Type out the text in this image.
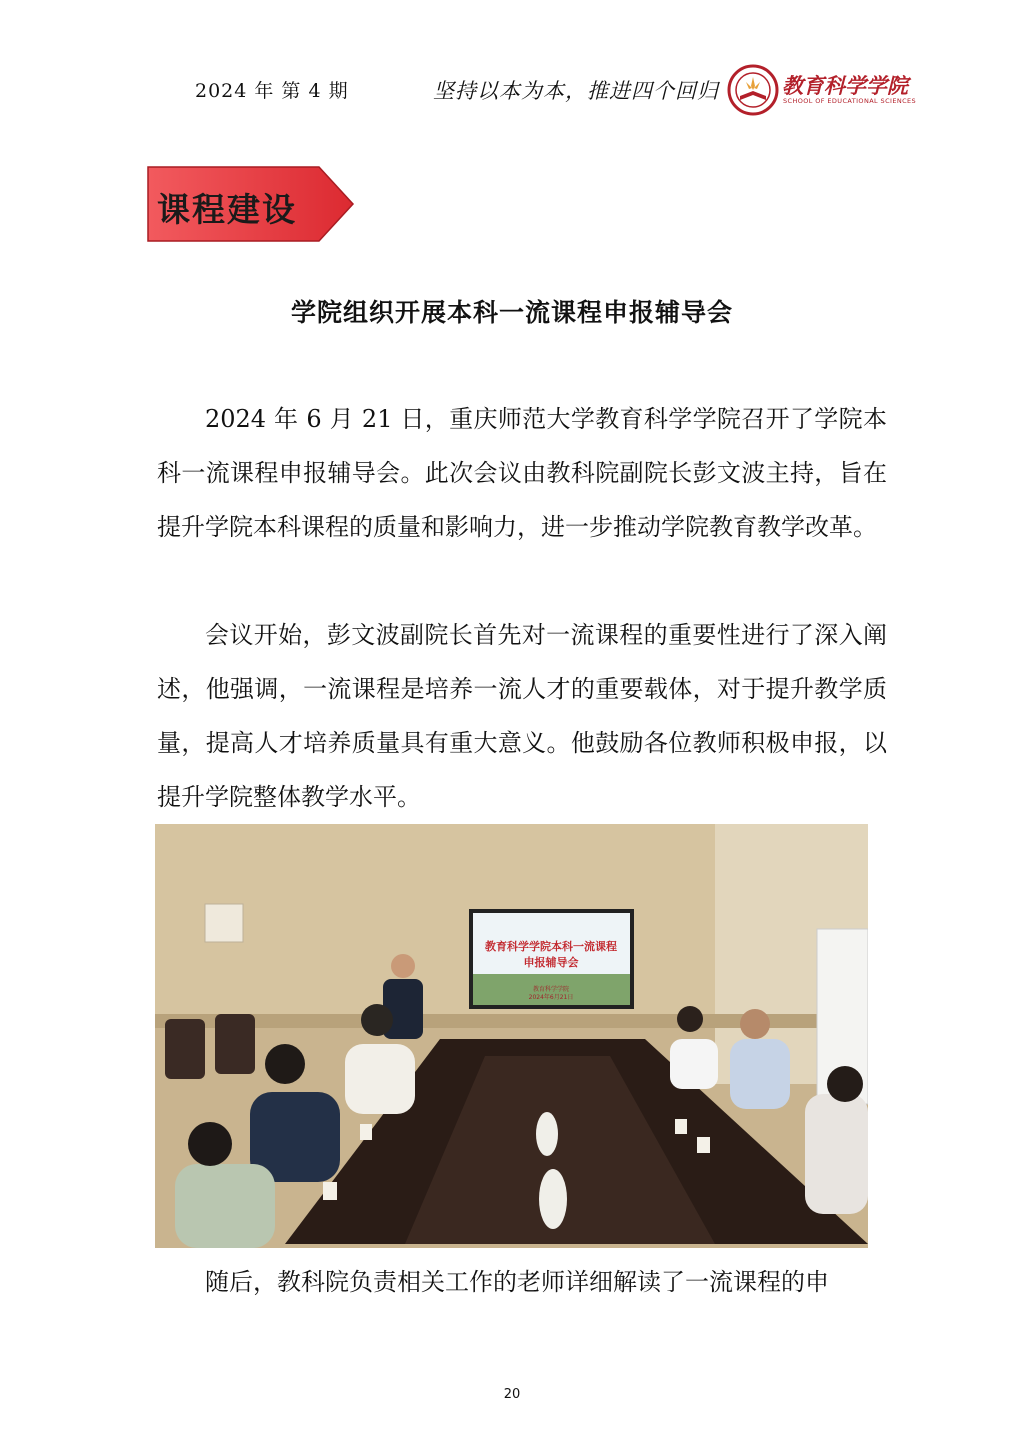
2024 年 第 4 期	坚持以本为本，推进四个回归	教育科学学院
SCHOOL OF EDUCATIONAL SCIENCES
课程建设
学院组织开展本科一流课程申报辅导会

2024 年 6 月 21 日，重庆师范大学教育科学学院召开了学院本科一流课程申报辅导会。此次会议由教科院副院长彭文波主持，旨在提升学院本科课程的质量和影响力，进一步推动学院教育教学改革。

会议开始，彭文波副院长首先对一流课程的重要性进行了深入阐述，他强调，一流课程是培养一流人才的重要载体，对于提升教学质量，提高人才培养质量具有重大意义。他鼓励各位教师积极申报，以提升学院整体教学水平。

教育科学学院本科一流课程
申报辅导会
教育科学学院
2024年6月21日

随后，教科院负责相关工作的老师详细解读了一流课程的申

20
